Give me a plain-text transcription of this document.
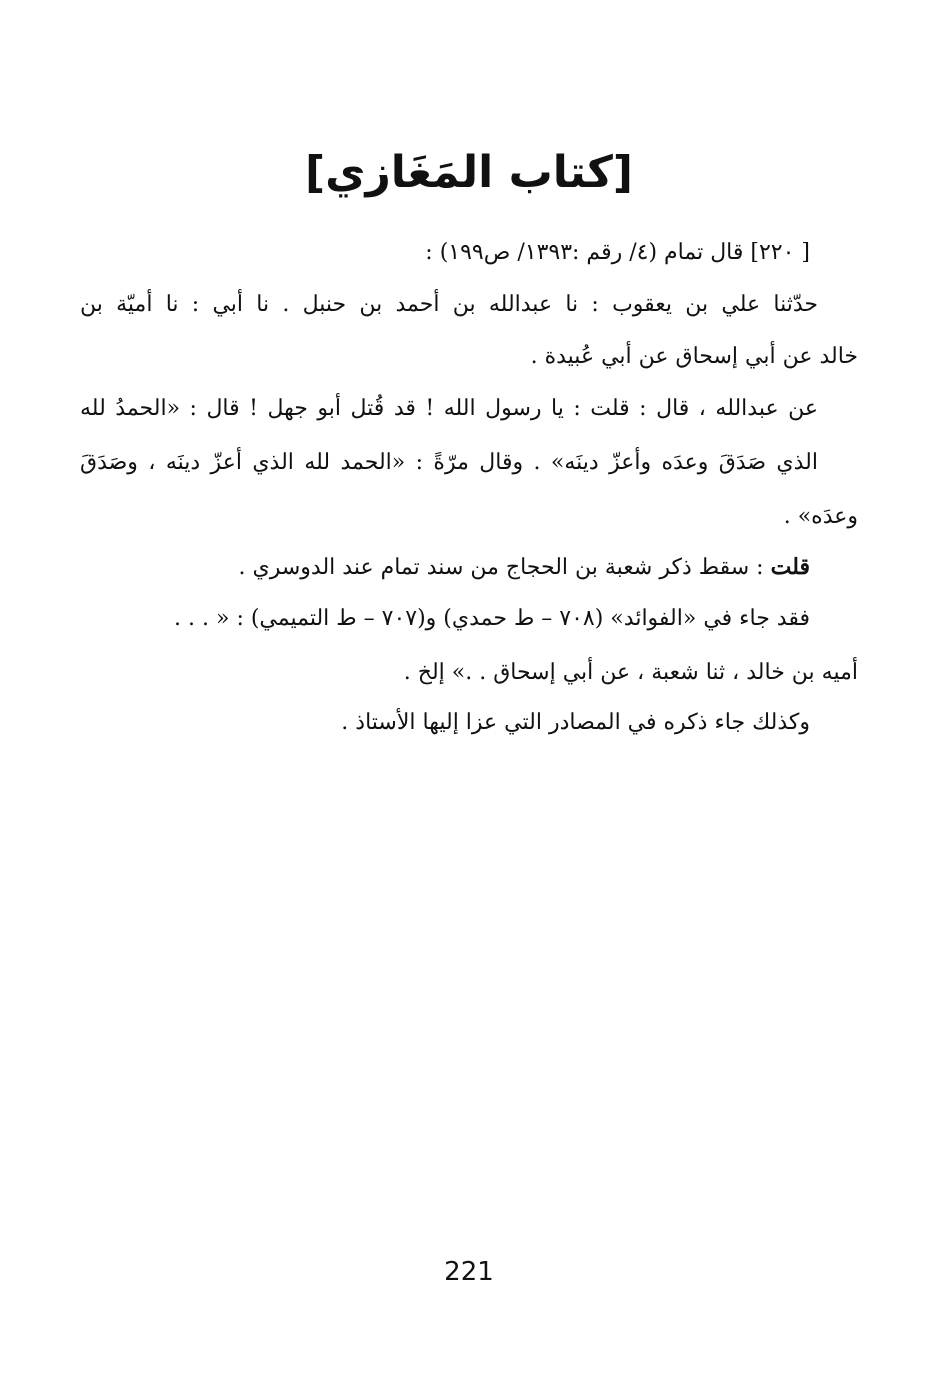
[كتاب المَغَازي]
[ ٢٢٠] قال تمام (٤/ رقم :١٣٩٣/ ص١٩٩) :
حدّثنا علي بن يعقوب : نا عبدالله بن أحمد بن حنبل . نا أبي : نا أميّة بن
خالد عن أبي إسحاق عن أبي عُبيدة .
عن عبدالله ، قال : قلت : يا رسول الله ! قد قُتل أبو جهل ! قال : «الحمدُ لله
الذي صَدَقَ وعدَه وأعزّ دينَه» . وقال مرّةً : «الحمد لله الذي أعزّ دينَه ، وصَدَقَ
وعدَه» .
قلت : سقط ذكر شعبة بن الحجاج من سند تمام عند الدوسري .
فقد جاء في «الفوائد» (٧٠٨ – ط حمدي) و(٧٠٧ – ط التميمي) : « . . .
أميه بن خالد ، ثنا شعبة ، عن أبي إسحاق . .» إلخ .
وكذلك جاء ذكره في المصادر التي عزا إليها الأستاذ .
221
